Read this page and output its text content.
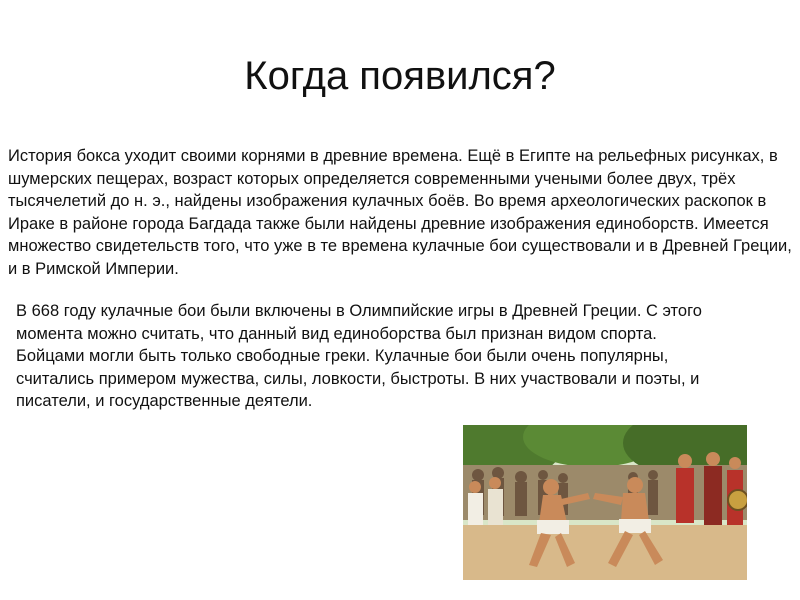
Когда появился?

История бокса уходит своими корнями в древние времена. Ещё в Египте на рельефных рисунках, в шумерских пещерах, возраст которых определяется современными учеными более двух, трёх тысячелетий до н. э., найдены изображения кулачных боёв. Во время археологических раскопок в Ираке в районе города Багдада также были найдены древние изображения единоборств. Имеется множество свидетельств того, что уже в те времена кулачные бои существовали и в Древней Греции, и в Римской Империи.

В 668 году кулачные бои были включены в Олимпийские игры в Древней Греции. С этого момента можно считать, что данный вид единоборства был признан видом спорта. Бойцами могли быть только свободные греки. Кулачные бои были очень популярны, считались примером мужества, силы, ловкости, быстроты. В них участвовали и поэты, и писатели, и государственные деятели.
